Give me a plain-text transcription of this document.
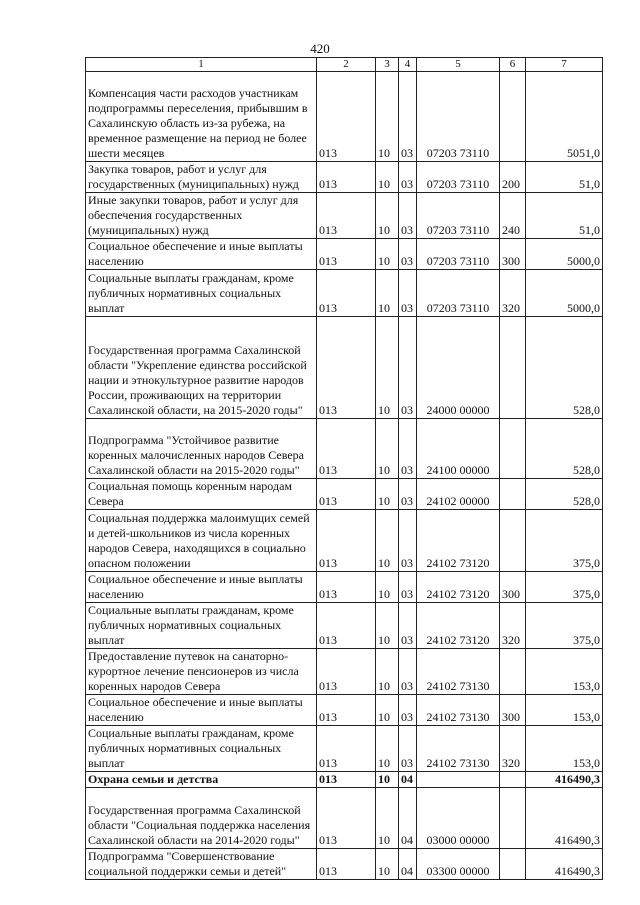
420
1	2	3	4	5	6	7
Компенсация части расходов участникам подпрограммы переселения, прибывшим в Сахалинскую область из-за рубежа, на временное размещение на период не более шести месяцев	013	10	03	07203 73110		5051,0
Закупка товаров, работ и услуг для государственных (муниципальных) нужд	013	10	03	07203 73110	200	51,0
Иные закупки товаров, работ и услуг для обеспечения государственных (муниципальных) нужд	013	10	03	07203 73110	240	51,0
Социальное обеспечение и иные выплаты населению	013	10	03	07203 73110	300	5000,0
Социальные выплаты гражданам, кроме публичных нормативных социальных выплат	013	10	03	07203 73110	320	5000,0
Государственная программа Сахалинской области "Укрепление единства российской нации и этнокультурное развитие народов России, проживающих на территории Сахалинской области, на 2015-2020 годы"	013	10	03	24000 00000		528,0
Подпрограмма "Устойчивое развитие коренных малочисленных народов Севера Сахалинской области на 2015-2020 годы"	013	10	03	24100 00000		528,0
Социальная помощь коренным народам Севера	013	10	03	24102 00000		528,0
Социальная поддержка малоимущих семей и детей-школьников из числа коренных народов Севера, находящихся в социально опасном положении	013	10	03	24102 73120		375,0
Социальное обеспечение и иные выплаты населению	013	10	03	24102 73120	300	375,0
Социальные выплаты гражданам, кроме публичных нормативных социальных выплат	013	10	03	24102 73120	320	375,0
Предоставление путевок на санаторно-курортное лечение пенсионеров из числа коренных народов Севера	013	10	03	24102 73130		153,0
Социальное обеспечение и иные выплаты населению	013	10	03	24102 73130	300	153,0
Социальные выплаты гражданам, кроме публичных нормативных социальных выплат	013	10	03	24102 73130	320	153,0
Охрана семьи и детства	013	10	04			416490,3
Государственная программа Сахалинской области "Социальная поддержка населения Сахалинской области на 2014-2020 годы"	013	10	04	03000 00000		416490,3
Подпрограмма "Совершенствование социальной поддержки семьи и детей"	013	10	04	03300 00000		416490,3
